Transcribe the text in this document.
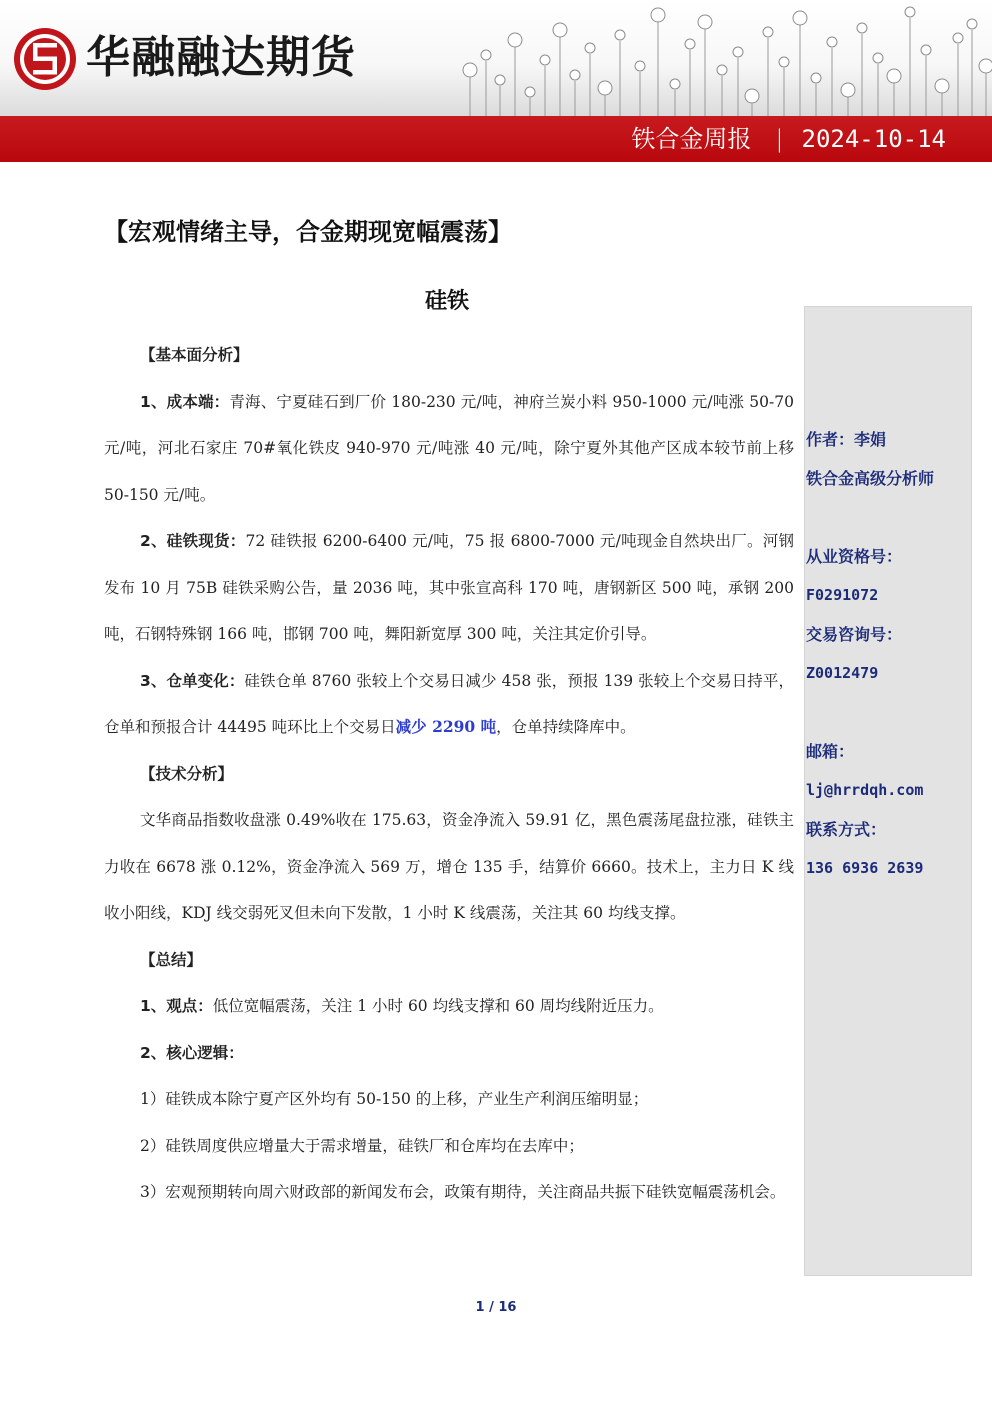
华融融达期货
铁合金周报 | 2024-10-14
【宏观情绪主导，合金期现宽幅震荡】
硅铁
作者：李娟
铁合金高级分析师
从业资格号：
F0291072
交易咨询号：
Z0012479
邮箱：
lj@hrrdqh.com
联系方式：
136 6936 2639

【基本面分析】

1、成本端：青海、宁夏硅石到厂价 180-230 元/吨，神府兰炭小料 950-1000 元/吨涨 50-70 元/吨，河北石家庄 70#氧化铁皮 940-970 元/吨涨 40 元/吨，除宁夏外其他产区成本较节前上移 50-150 元/吨。

2、硅铁现货：72 硅铁报 6200-6400 元/吨，75 报 6800-7000 元/吨现金自然块出厂。河钢发布 10 月 75B 硅铁采购公告，量 2036 吨，其中张宣高科 170 吨，唐钢新区 500 吨，承钢 200 吨，石钢特殊钢 166 吨，邯钢 700 吨，舞阳新宽厚 300 吨，关注其定价引导。

3、仓单变化：硅铁仓单 8760 张较上个交易日减少 458 张，预报 139 张较上个交易日持平，仓单和预报合计 44495 吨环比上个交易日减少 2290 吨，仓单持续降库中。

【技术分析】

文华商品指数收盘涨 0.49%收在 175.63，资金净流入 59.91 亿，黑色震荡尾盘拉涨，硅铁主力收在 6678 涨 0.12%，资金净流入 569 万，增仓 135 手，结算价 6660。技术上，主力日 K 线收小阳线，KDJ 线交弱死叉但未向下发散，1 小时 K 线震荡，关注其 60 均线支撑。

【总结】

1、观点：低位宽幅震荡，关注 1 小时 60 均线支撑和 60 周均线附近压力。

2、核心逻辑：

1）硅铁成本除宁夏产区外均有 50-150 的上移，产业生产利润压缩明显；

2）硅铁周度供应增量大于需求增量，硅铁厂和仓库均在去库中；

3）宏观预期转向周六财政部的新闻发布会，政策有期待，关注商品共振下硅铁宽幅震荡机会。

1 / 16
